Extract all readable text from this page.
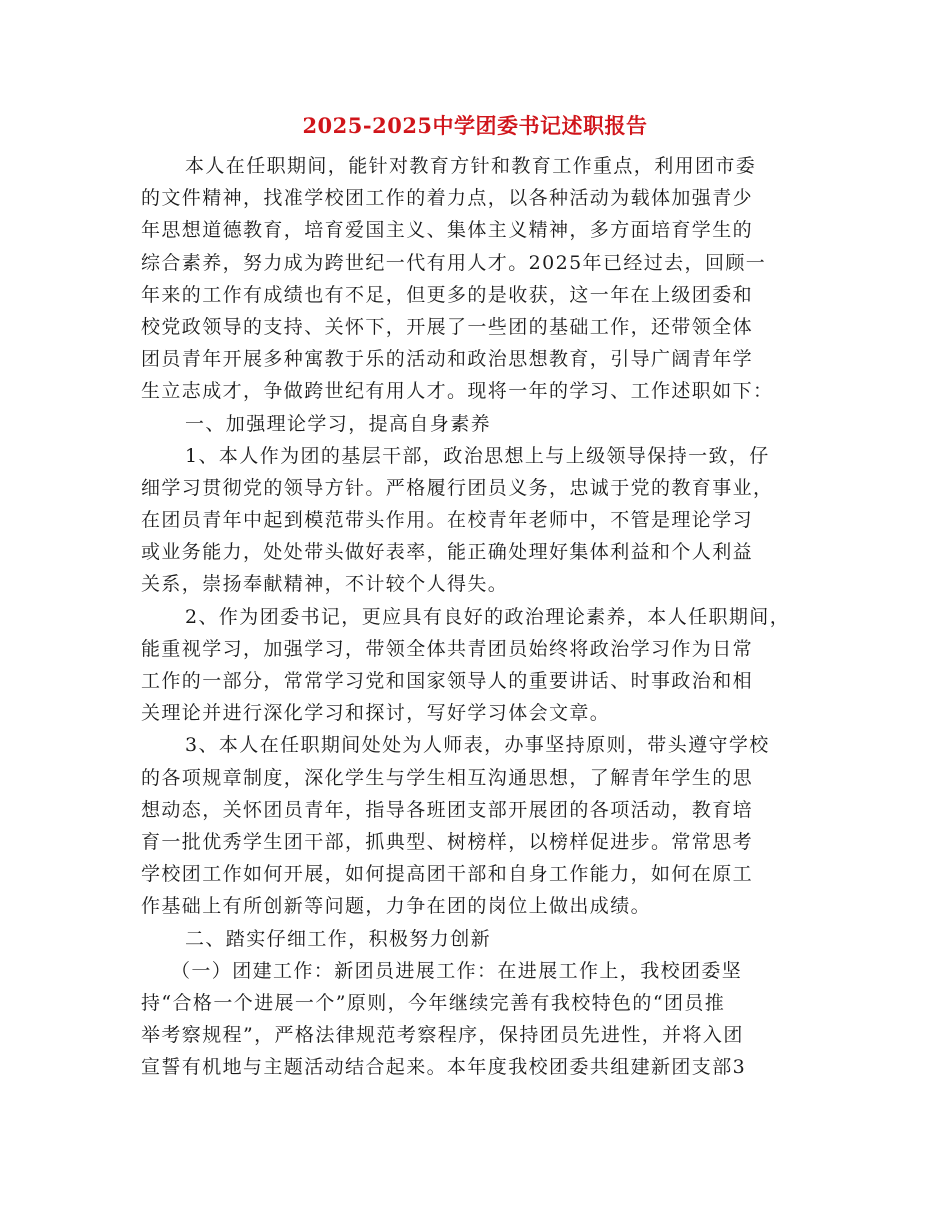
2025-2025中学团委书记述职报告
本人在任职期间，能针对教育方针和教育工作重点，利用团市委
的文件精神，找准学校团工作的着力点，以各种活动为载体加强青少
年思想道德教育，培育爱国主义、集体主义精神，多方面培育学生的
综合素养，努力成为跨世纪一代有用人才。2025年已经过去，回顾一
年来的工作有成绩也有不足，但更多的是收获，这一年在上级团委和
校党政领导的支持、关怀下，开展了一些团的基础工作，还带领全体
团员青年开展多种寓教于乐的活动和政治思想教育，引导广阔青年学
生立志成才，争做跨世纪有用人才。现将一年的学习、工作述职如下：
一、加强理论学习，提高自身素养
1、本人作为团的基层干部，政治思想上与上级领导保持一致，仔
细学习贯彻党的领导方针。严格履行团员义务，忠诚于党的教育事业，
在团员青年中起到模范带头作用。在校青年老师中，不管是理论学习
或业务能力，处处带头做好表率，能正确处理好集体利益和个人利益
关系，崇扬奉献精神，不计较个人得失。
2、作为团委书记，更应具有良好的政治理论素养，本人任职期间，
能重视学习，加强学习，带领全体共青团员始终将政治学习作为日常
工作的一部分，常常学习党和国家领导人的重要讲话、时事政治和相
关理论并进行深化学习和探讨，写好学习体会文章。
3、本人在任职期间处处为人师表，办事坚持原则，带头遵守学校
的各项规章制度，深化学生与学生相互沟通思想，了解青年学生的思
想动态，关怀团员青年，指导各班团支部开展团的各项活动，教育培
育一批优秀学生团干部，抓典型、树榜样，以榜样促进步。常常思考
学校团工作如何开展，如何提高团干部和自身工作能力，如何在原工
作基础上有所创新等问题，力争在团的岗位上做出成绩。
二、踏实仔细工作，积极努力创新
（一）团建工作：新团员进展工作：在进展工作上，我校团委坚
持“合格一个进展一个”原则，今年继续完善有我校特色的“团员推
举考察规程”，严格法律规范考察程序，保持团员先进性，并将入团
宣誓有机地与主题活动结合起来。本年度我校团委共组建新团支部3
